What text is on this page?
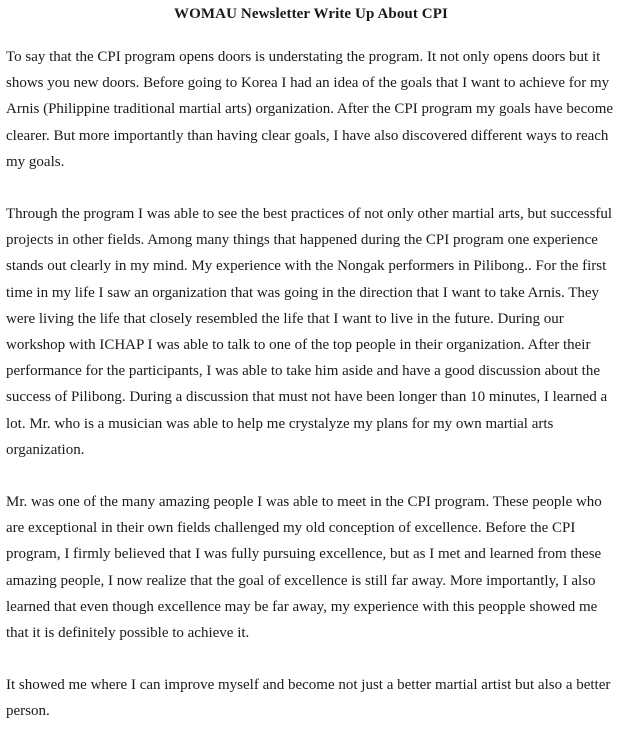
WOMAU Newsletter Write Up About CPI

To say that the CPI program opens doors is understating the program. It not only opens doors but it shows you new doors. Before going to Korea I had an idea of the goals that I want to achieve for my Arnis (Philippine traditional martial arts) organization. After the CPI program my goals have become clearer. But more importantly than having clear goals, I have also discovered different ways to reach my goals.

Through the program I was able to see the best practices of not only other martial arts, but successful projects in other fields. Among many things that happened during the CPI program one experience stands out clearly in my mind. My experience with the Nongak performers in Pilibong.. For the first time in my life I saw an organization that was going in the direction that I want to take Arnis. They were living the life that closely resembled the life that I want to live in the future. During our workshop with ICHAP I was able to talk to one of the top people in their organization. After their performance for the participants, I was able to take him aside and have a good discussion about the success of Pilibong. During a discussion that must not have been longer than 10 minutes, I learned a lot. Mr. who is a musician was able to help me crystalyze my plans for my own martial arts organization.

Mr. was one of the many amazing people I was able to meet in the CPI program. These people who are exceptional in their own fields challenged my old conception of excellence. Before the CPI program, I firmly believed that I was fully pursuing excellence, but as I met and learned from these amazing people, I now realize that the goal of excellence is still far away. More importantly, I also learned that even though excellence may be far away, my experience with this peopple showed me that it is definitely possible to achieve it.

It showed me where I can improve myself and become not just a better martial artist but also a better person.
